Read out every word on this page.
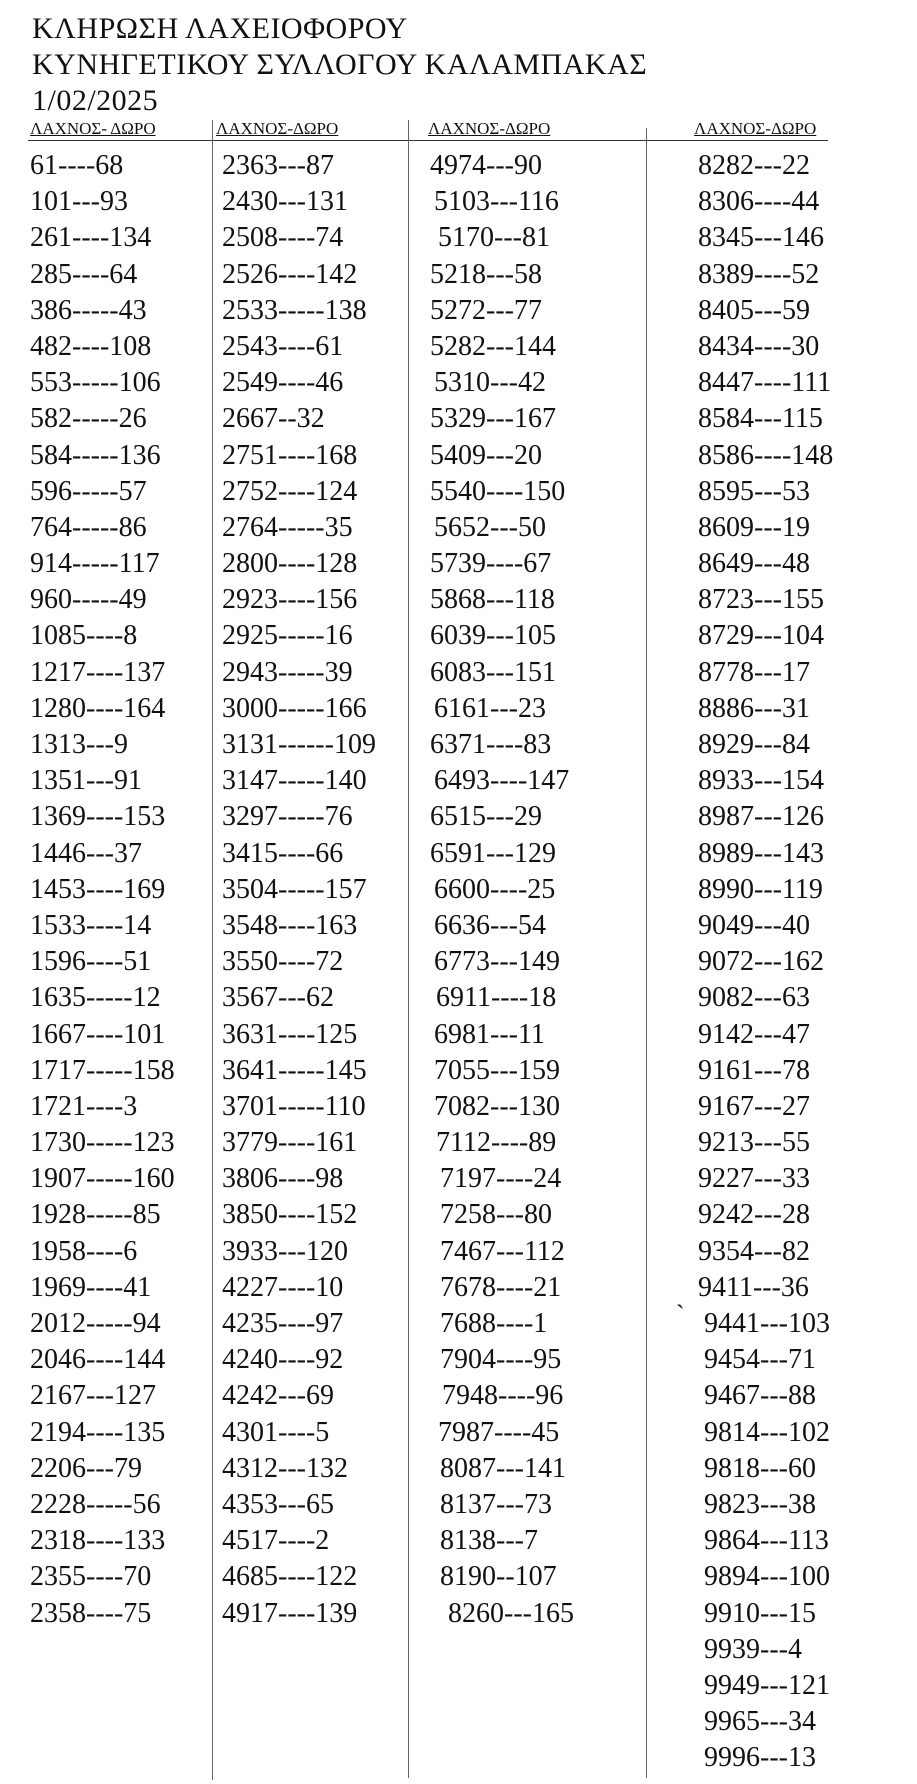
ΚΛΗΡΩΣΗ ΛΑΧΕΙΟΦΟΡΟΥ
ΚΥΝΗΓΕΤΙΚΟΥ ΣΥΛΛΟΓΟΥ ΚΑΛΑΜΠΑΚΑΣ
1/02/2025
ΛΑΧΝΟΣ- ΔΩΡΟ	ΛΑΧΝΟΣ-ΔΩΡΟ	ΛΑΧΝΟΣ-ΔΩΡΟ	ΛΑΧΝΟΣ-ΔΩΡΟ
61----68
101---93
261----134
285----64
386-----43
482----108
553-----106
582-----26
584-----136
596-----57
764-----86
914-----117
960-----49
1085----8
1217----137
1280----164
1313---9
1351---91
1369----153
1446---37
1453----169
1533----14
1596----51
1635-----12
1667----101
1717-----158
1721----3
1730-----123
1907-----160
1928-----85
1958----6
1969----41
2012-----94
2046----144
2167---127
2194----135
2206---79
2228-----56
2318----133
2355----70
2358----75
2363---87
2430---131
2508----74
2526----142
2533-----138
2543----61
2549----46
2667--32
2751----168
2752----124
2764-----35
2800----128
2923----156
2925-----16
2943-----39
3000-----166
3131------109
3147-----140
3297-----76
3415----66
3504-----157
3548----163
3550----72
3567---62
3631----125
3641-----145
3701-----110
3779----161
3806----98
3850----152
3933---120
4227----10
4235----97
4240----92
4242---69
4301----5
4312---132
4353---65
4517----2
4685----122
4917----139
4974---90
5103---116
5170---81
5218---58
5272---77
5282---144
5310---42
5329---167
5409---20
5540----150
5652---50
5739----67
5868---118
6039---105
6083---151
6161---23
6371----83
6493----147
6515---29
6591---129
6600----25
6636---54
6773---149
6911----18
6981---11
7055---159
7082---130
7112----89
7197----24
7258---80
7467---112
7678----21
7688----1
7904----95
7948----96
7987----45
8087---141
8137---73
8138---7
8190--107
8260---165
8282---22
8306----44
8345---146
8389----52
8405---59
8434----30
8447----111
8584---115
8586----148
8595---53
8609---19
8649---48
8723---155
8729---104
8778---17
8886---31
8929---84
8933---154
8987---126
8989---143
8990---119
9049---40
9072---162
9082---63
9142---47
9161---78
9167---27
9213---55
9227---33
9242---28
9354---82
9411---36
9441---103
9454---71
9467---88
9814---102
9818---60
9823---38
9864---113
9894---100
9910---15
9939---4
9949---121
9965---34
9996---13
`
